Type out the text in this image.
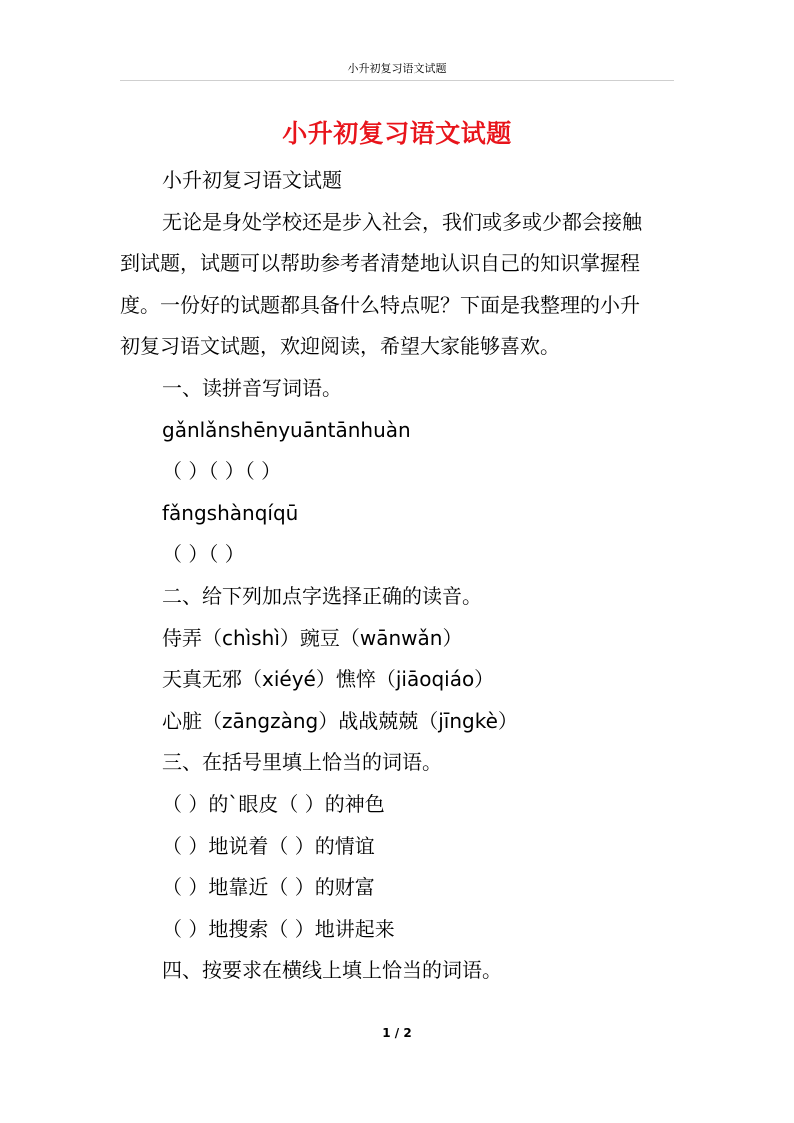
小升初复习语文试题
小升初复习语文试题
小升初复习语文试题
无论是身处学校还是步入社会，我们或多或少都会接触
到试题，试题可以帮助参考者清楚地认识自己的知识掌握程
度。一份好的试题都具备什么特点呢？下面是我整理的小升
初复习语文试题，欢迎阅读，希望大家能够喜欢。
一、读拼音写词语。
gǎnlǎnshēnyuāntānhuàn
（ ）（ ）（ ）
fǎngshànqíqū
（ ）（ ）
二、给下列加点字选择正确的读音。
侍弄（chìshì）豌豆（wānwǎn）
天真无邪（xiéyé）憔悴（jiāoqiáo）
心脏（zāngzàng）战战兢兢（jīngkè）
三、在括号里填上恰当的词语。
（ ）的`眼皮（ ）的神色
（ ）地说着（ ）的情谊
（ ）地靠近（ ）的财富
（ ）地搜索（ ）地讲起来
四、按要求在横线上填上恰当的词语。
1 / 2
